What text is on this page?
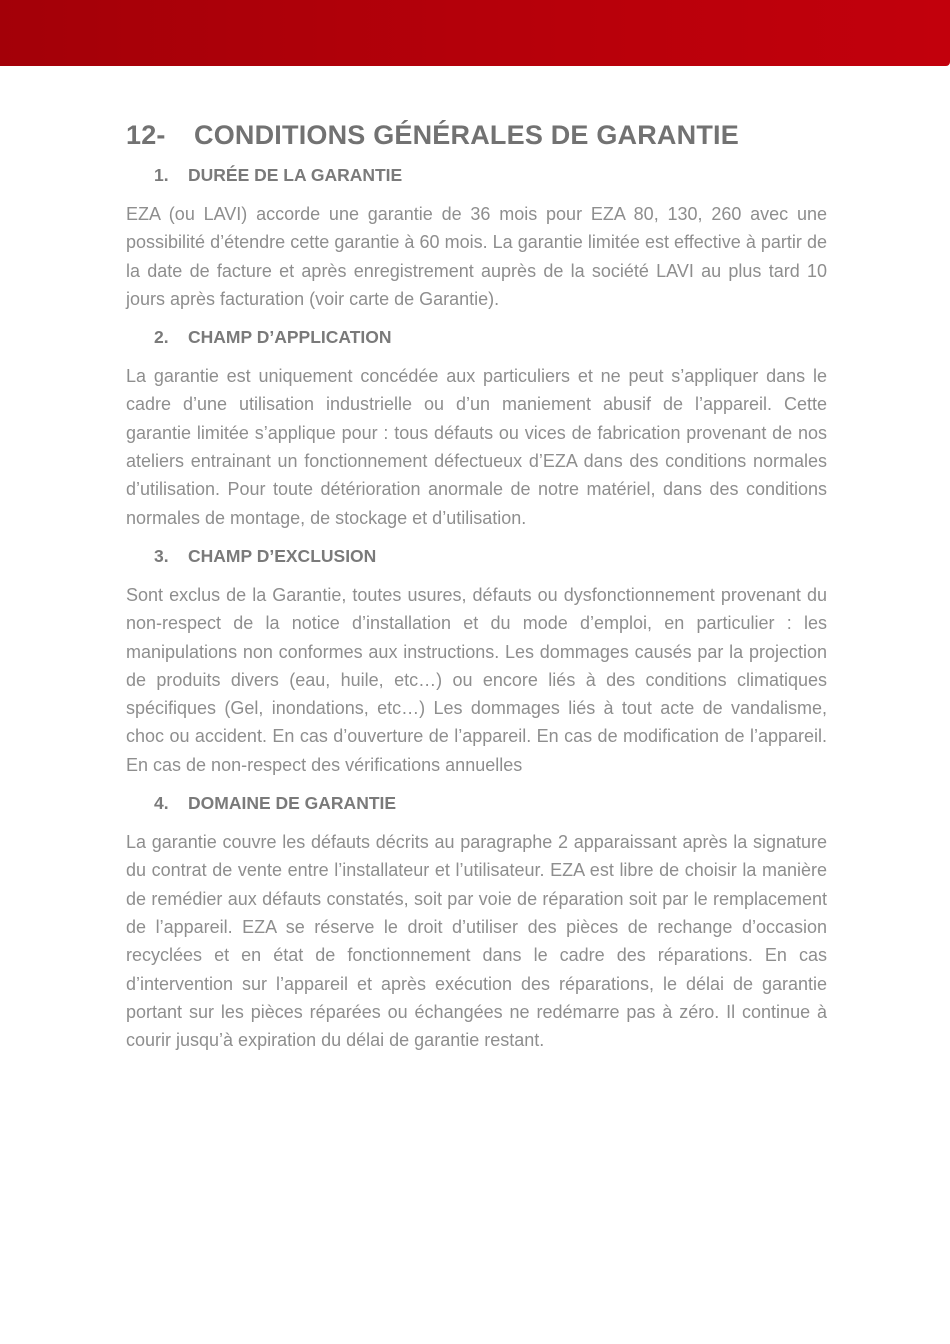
12- CONDITIONS GÉNÉRALES DE GARANTIE
1. DURÉE DE LA GARANTIE

EZA (ou LAVI) accorde une garantie de 36 mois pour EZA 80, 130, 260 avec une possibilité d’étendre cette garantie à 60 mois. La garantie limitée est effective à partir de la date de facture et après enregistrement auprès de la société LAVI au plus tard 10 jours après facturation (voir carte de Garantie).

2. CHAMP D’APPLICATION

La garantie est uniquement concédée aux particuliers et ne peut s’appliquer dans le cadre d’une utilisation industrielle ou d’un maniement abusif de l’appareil. Cette garantie limitée s’applique pour : tous défauts ou vices de fabrication provenant de nos ateliers entrainant un fonctionnement défectueux d’EZA dans des conditions normales d’utilisation. Pour toute détérioration anormale de notre matériel, dans des conditions normales de montage, de stockage et d’utilisation.

3. CHAMP D’EXCLUSION

Sont exclus de la Garantie, toutes usures, défauts ou dysfonctionnement provenant du non-respect de la notice d’installation et du mode d’emploi, en particulier : les manipulations non conformes aux instructions. Les dommages causés par la projection de produits divers (eau, huile, etc…) ou encore liés à des conditions climatiques spécifiques (Gel, inondations, etc…) Les dommages liés à tout acte de vandalisme, choc ou accident. En cas d’ouverture de l’appareil. En cas de modification de l’appareil. En cas de non-respect des vérifications annuelles

4. DOMAINE DE GARANTIE

La garantie couvre les défauts décrits au paragraphe 2 apparaissant après la signature du contrat de vente entre l’installateur et l’utilisateur. EZA est libre de choisir la manière de remédier aux défauts constatés, soit par voie de réparation soit par le remplacement de l’appareil. EZA se réserve le droit d’utiliser des pièces de rechange d’occasion recyclées et en état de fonctionnement dans le cadre des réparations. En cas d’intervention sur l’appareil et après exécution des réparations, le délai de garantie portant sur les pièces réparées ou échangées ne redémarre pas à zéro. Il continue à courir jusqu’à expiration du délai de garantie restant.
